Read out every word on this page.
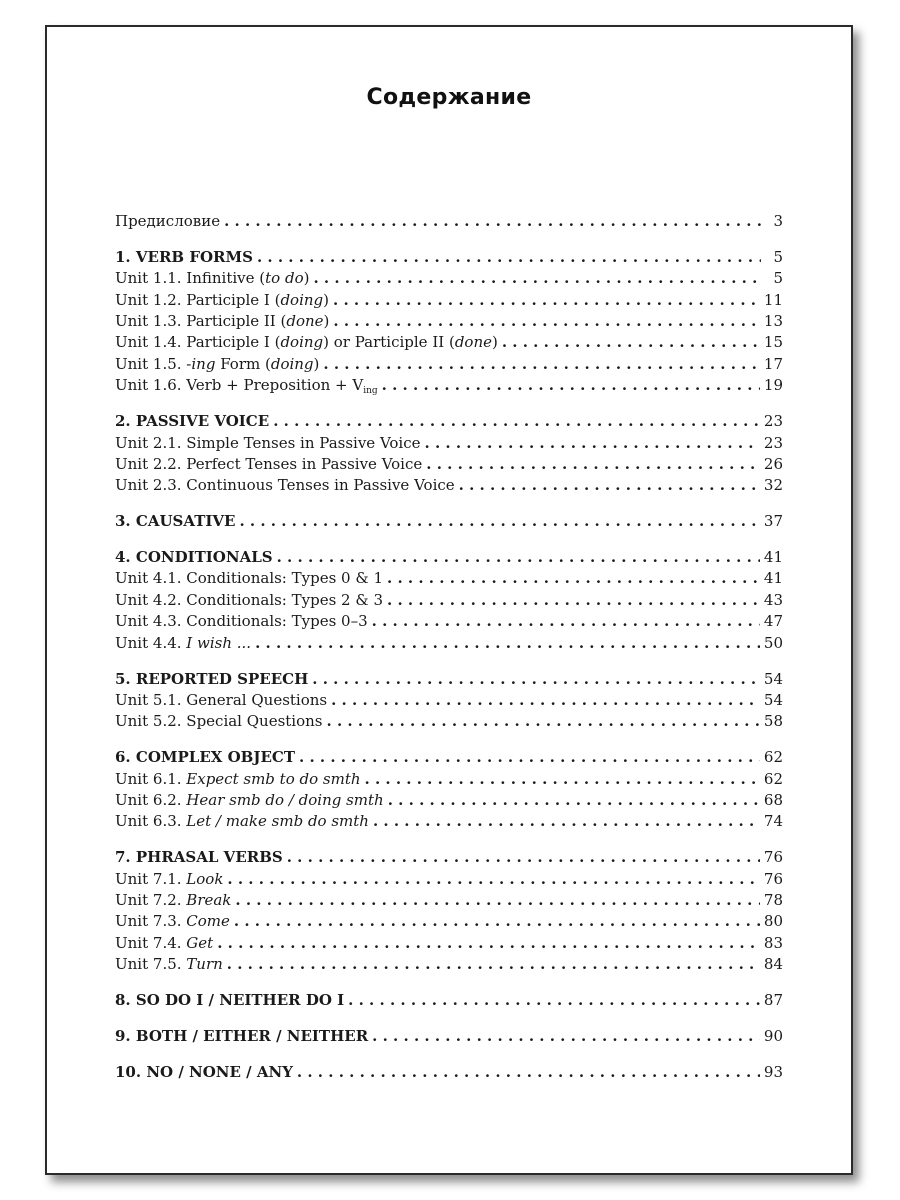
Содержание
Предисловие . . .	3
1. VERB FORMS . . .	5
Unit 1.1. Infinitive (to do) . . .	5
Unit 1.2. Participle I (doing) . . .	11
Unit 1.3. Participle II (done) . . .	13
Unit 1.4. Participle I (doing) or Participle II (done) . . .	15
Unit 1.5. -ing Form (doing) . . .	17
Unit 1.6. Verb + Preposition + $V_{ing}$ . . .	19
2. PASSIVE VOICE . . .	23
Unit 2.1. Simple Tenses in Passive Voice . . .	23
Unit 2.2. Perfect Tenses in Passive Voice . . .	26
Unit 2.3. Continuous Tenses in Passive Voice . . .	32
3. CAUSATIVE . . .	37
4. CONDITIONALS . . .	41
Unit 4.1. Conditionals: Types 0 & 1 . . .	41
Unit 4.2. Conditionals: Types 2 & 3 . . .	43
Unit 4.3. Conditionals: Types 0–3 . . .	47
Unit 4.4. I wish ... . . .	50
5. REPORTED SPEECH . . .	54
Unit 5.1. General Questions . . .	54
Unit 5.2. Special Questions . . .	58
6. COMPLEX OBJECT . . .	62
Unit 6.1. Expect smb to do smth . . .	62
Unit 6.2. Hear smb do / doing smth . . .	68
Unit 6.3. Let / make smb do smth . . .	74
7. PHRASAL VERBS . . .	76
Unit 7.1. Look . . .	76
Unit 7.2. Break . . .	78
Unit 7.3. Come . . .	80
Unit 7.4. Get . . .	83
Unit 7.5. Turn . . .	84
8. SO DO I / NEITHER DO I . . .	87
9. BOTH / EITHER / NEITHER . . .	90
10. NO / NONE / ANY . . .	93
